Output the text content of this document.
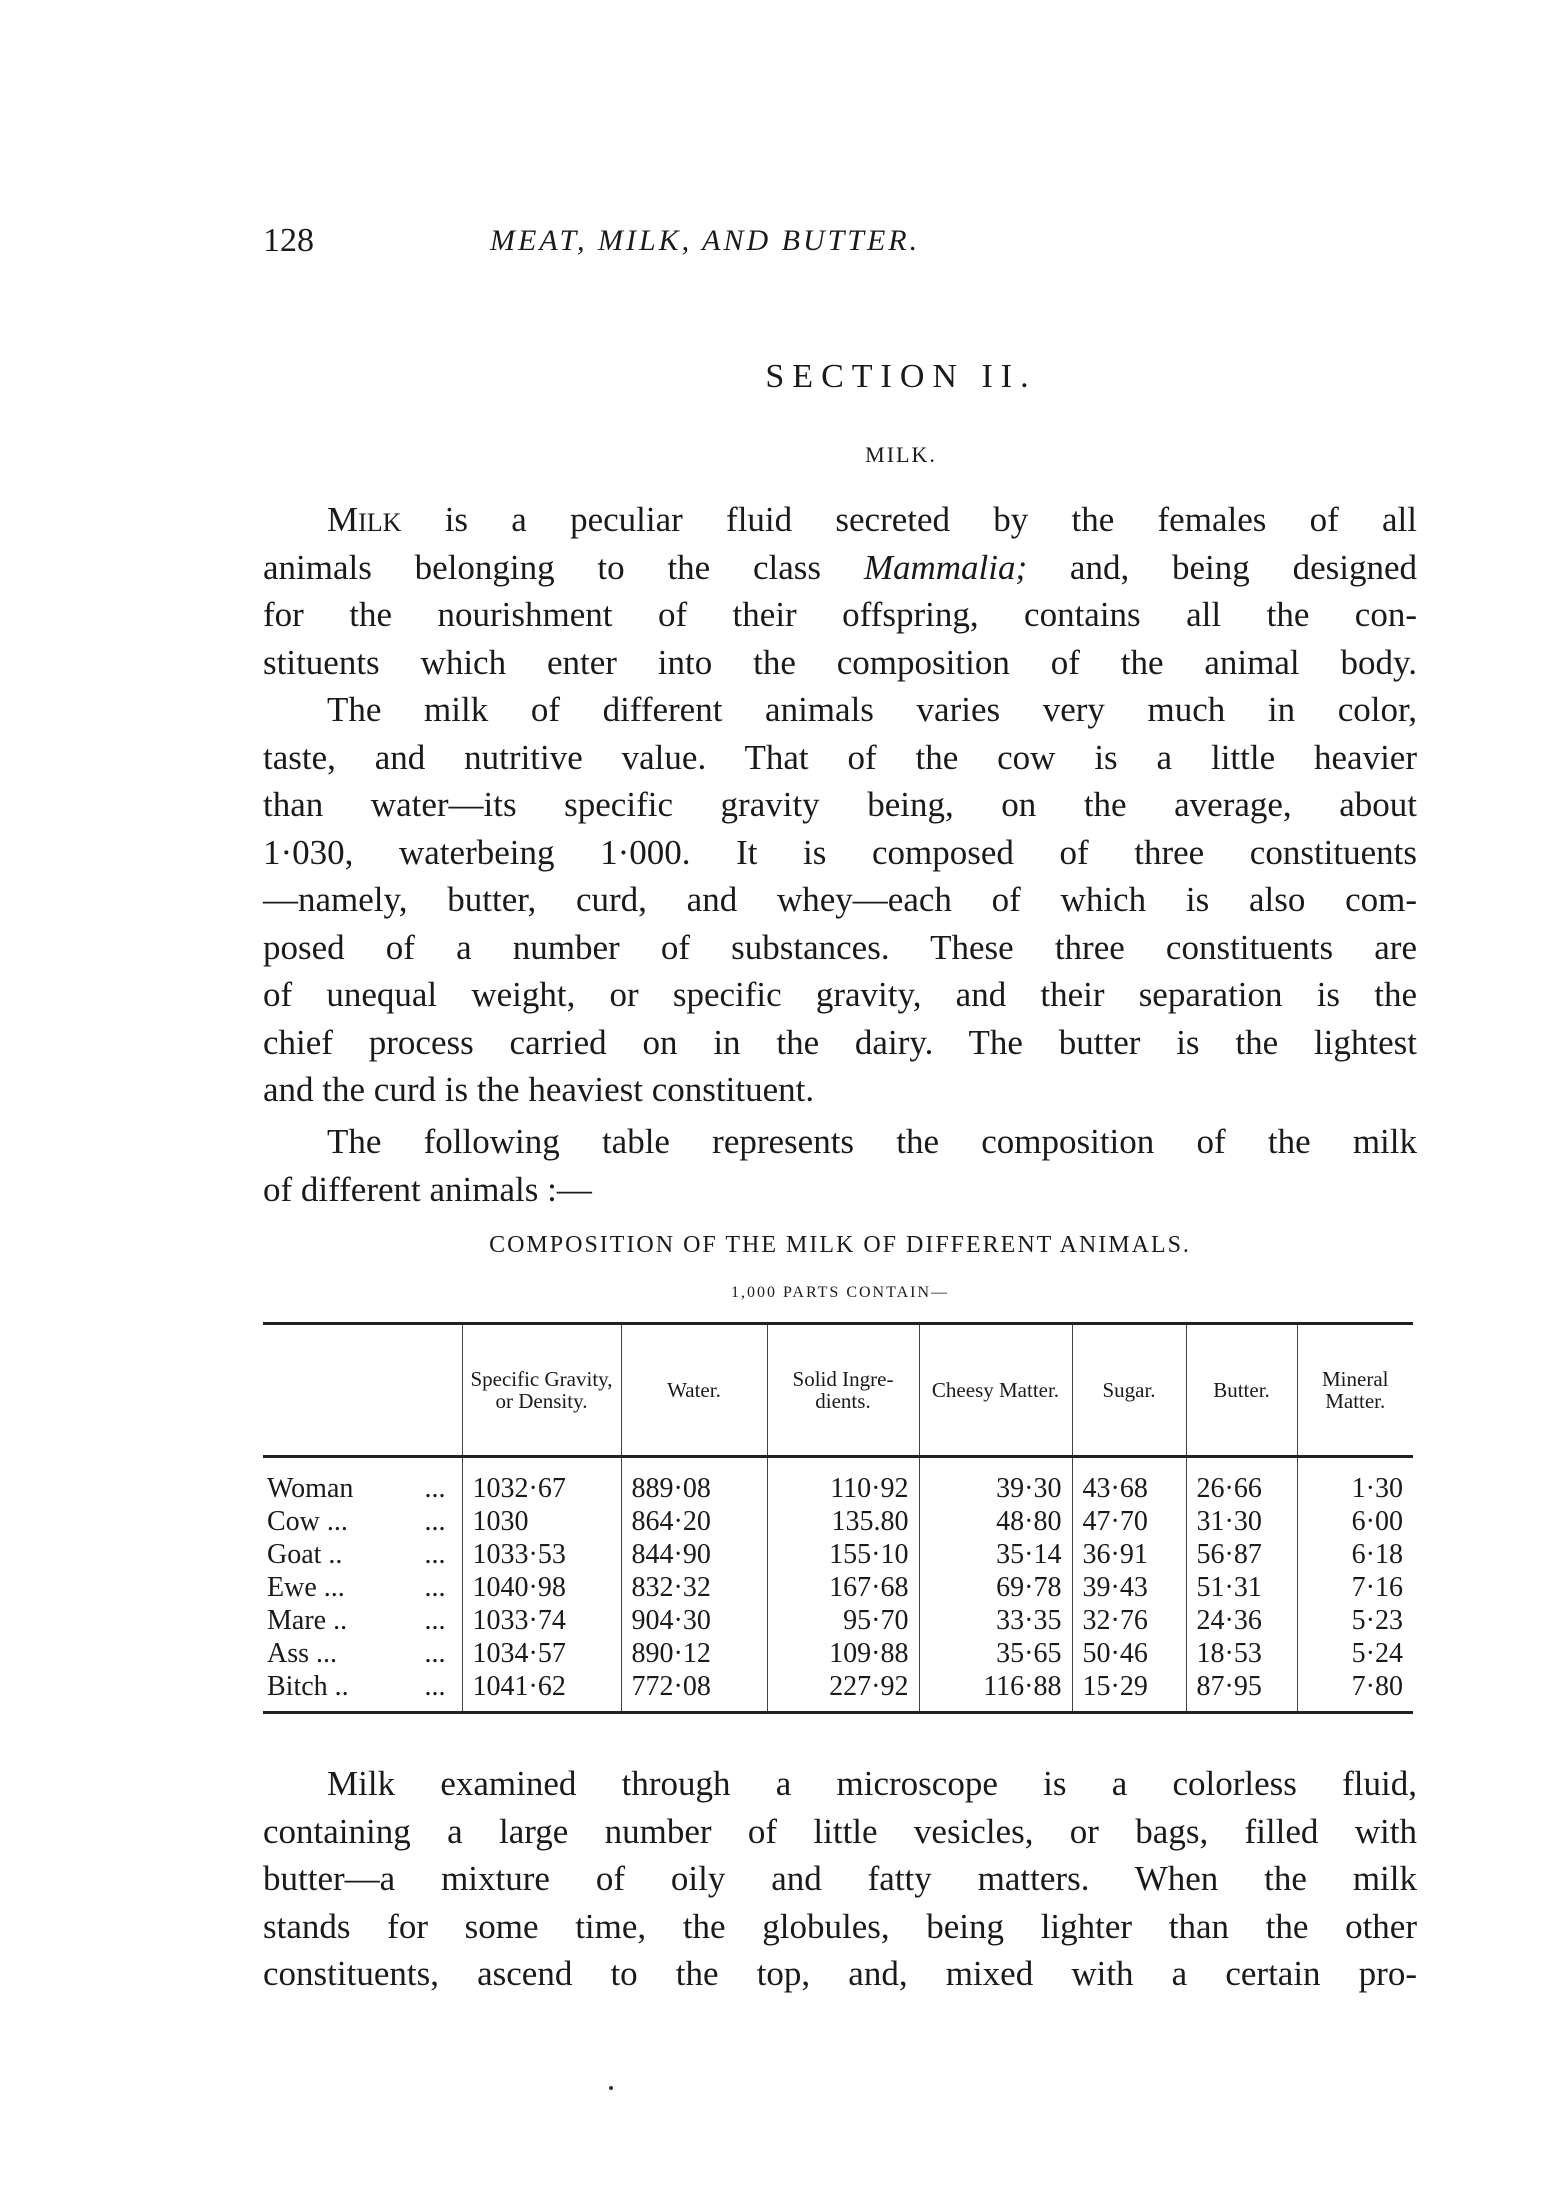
128	MEAT, MILK, AND BUTTER.
SECTION II.
MILK.
MILK is a peculiar fluid secreted by the females of all
animals belonging to the class Mammalia; and, being designed
for the nourishment of their offspring, contains all the con-
stituents which enter into the composition of the animal body.
The milk of different animals varies very much in color,
taste, and nutritive value. That of the cow is a little heavier
than water—its specific gravity being, on the average, about
1·030, waterbeing 1·000. It is composed of three constituents
—namely, butter, curd, and whey—each of which is also com-
posed of a number of substances. These three constituents are
of unequal weight, or specific gravity, and their separation is the
chief process carried on in the dairy. The butter is the lightest
and the curd is the heaviest constituent.
The following table represents the composition of the milk
of different animals :—
COMPOSITION OF THE MILK OF DIFFERENT ANIMALS.
1,000 PARTS CONTAIN—
	Specific Gravity, or Density.	Water.	Solid Ingre- dients.	Cheesy Matter.	Sugar.	Butter.	Mineral Matter.
Woman ...	1032·67	889·08	110·92	39·30	43·68	26·66	1·30
Cow ... ...	1030	864·20	135.80	48·80	47·70	31·30	6·00
Goat .. ...	1033·53	844·90	155·10	35·14	36·91	56·87	6·18
Ewe ... ...	1040·98	832·32	167·68	69·78	39·43	51·31	7·16
Mare .. ...	1033·74	904·30	95·70	33·35	32·76	24·36	5·23
Ass ... ...	1034·57	890·12	109·88	35·65	50·46	18·53	5·24
Bitch .. ...	1041·62	772·08	227·92	116·88	15·29	87·95	7·80
Milk examined through a microscope is a colorless fluid,
containing a large number of little vesicles, or bags, filled with
butter—a mixture of oily and fatty matters. When the milk
stands for some time, the globules, being lighter than the other
constituents, ascend to the top, and, mixed with a certain pro-
